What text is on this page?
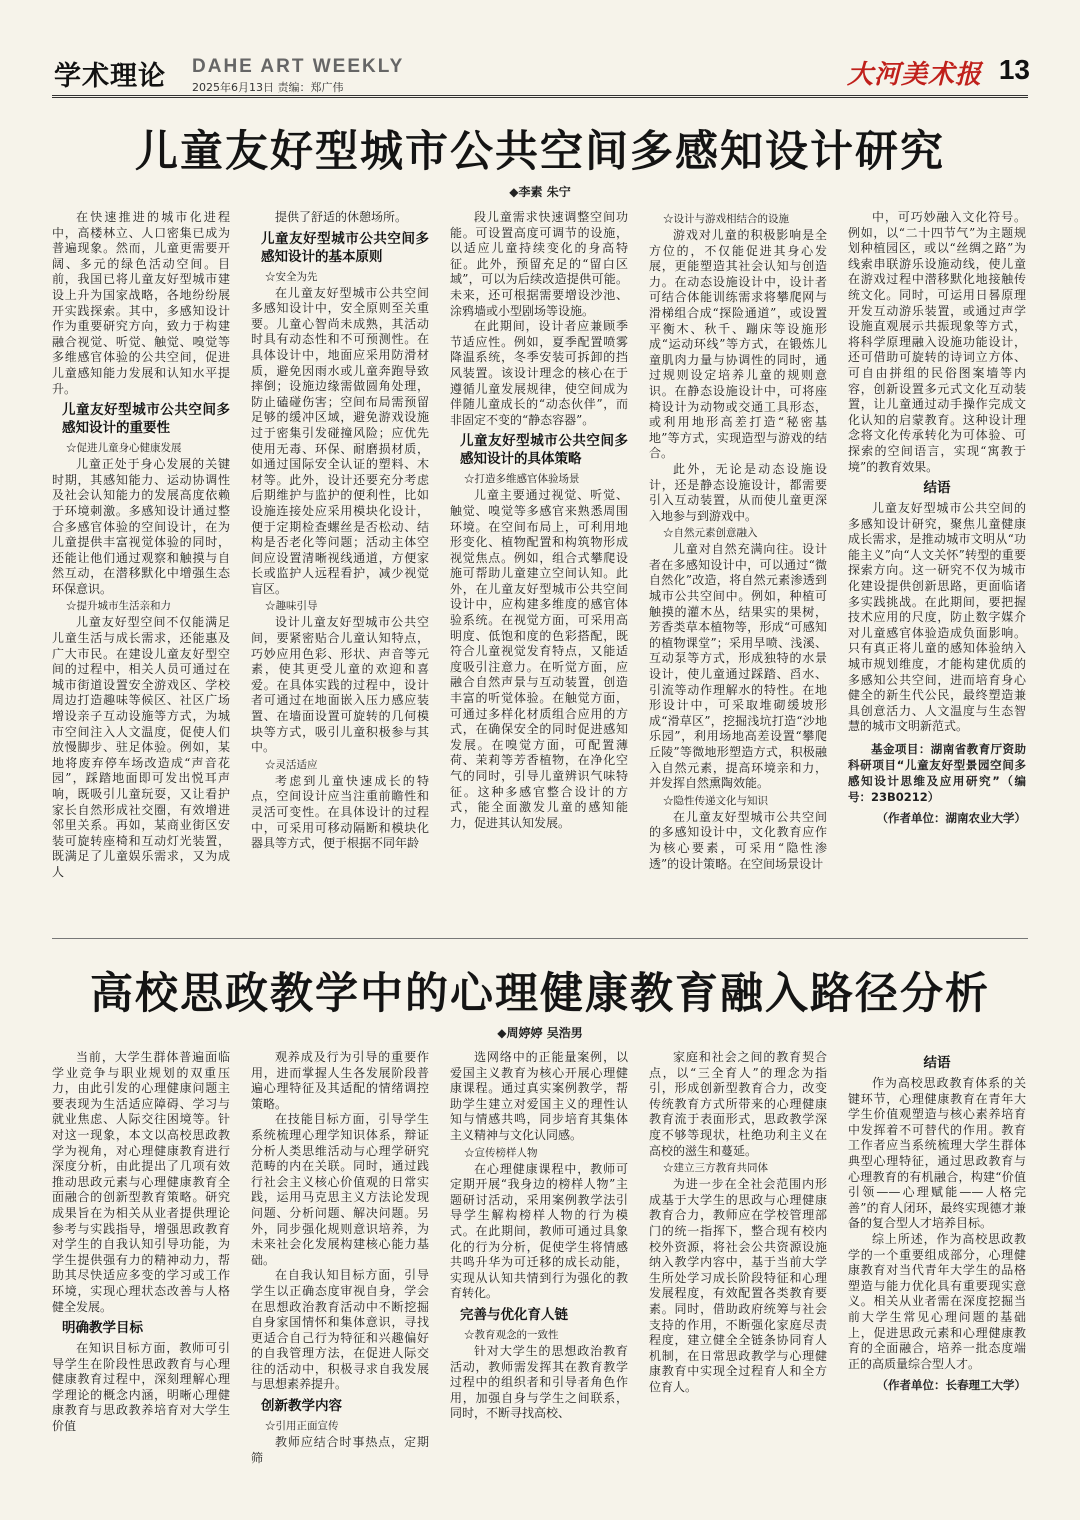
学术理论 DAHE ART WEEKLY
2025年6月13日 责编：郑广伟	大河美术报 13
儿童友好型城市公共空间多感知设计研究
◆李素 朱宁
在快速推进的城市化进程中，高楼林立、人口密集已成为普遍现象。然而，儿童更需要开阔、多元的绿色活动空间。目前，我国已将儿童友好型城市建设上升为国家战略，各地纷纷展开实践探索。其中，多感知设计作为重要研究方向，致力于构建融合视觉、听觉、触觉、嗅觉等多维感官体验的公共空间，促进儿童感知能力发展和认知水平提升。
儿童友好型城市公共空间多感知设计的重要性
☆促进儿童身心健康发展
儿童正处于身心发展的关键时期，其感知能力、运动协调性及社会认知能力的发展高度依赖于环境刺激。多感知设计通过整合多感官体验的空间设计，在为儿童提供丰富视觉体验的同时，还能让他们通过观察和触摸与自然互动，在潜移默化中增强生态环保意识。
☆提升城市生活亲和力
儿童友好型空间不仅能满足儿童生活与成长需求，还能惠及广大市民。在建设儿童友好型空间的过程中，相关人员可通过在城市街道设置安全游戏区、学校周边打造趣味等候区、社区广场增设亲子互动设施等方式，为城市空间注入人文温度，促使人们放慢脚步、驻足体验。例如，某地将废弃停车场改造成“声音花园”，踩踏地面即可发出悦耳声响，既吸引儿童玩耍，又让看护家长自然形成社交圈，有效增进邻里关系。再如，某商业街区安装可旋转座椅和互动灯光装置，既满足了儿童娱乐需求，又为成人
提供了舒适的休憩场所。
儿童友好型城市公共空间多感知设计的基本原则
☆安全为先
在儿童友好型城市公共空间多感知设计中，安全原则至关重要。儿童心智尚未成熟，其活动时具有动态性和不可预测性。在具体设计中，地面应采用防滑材质，避免因雨水或儿童奔跑导致摔倒；设施边缘需做圆角处理，防止磕碰伤害；空间布局需预留足够的缓冲区域，避免游戏设施过于密集引发碰撞风险；应优先使用无毒、环保、耐磨损材质，如通过国际安全认证的塑料、木材等。此外，设计还要充分考虑后期维护与监护的便利性，比如设施连接处应采用模块化设计，便于定期检查螺丝是否松动、结构是否老化等问题；活动主体空间应设置清晰视线通道，方便家长或监护人远程看护，减少视觉盲区。
☆趣味引导
设计儿童友好型城市公共空间，要紧密贴合儿童认知特点，巧妙应用色彩、形状、声音等元素，使其更受儿童的欢迎和喜爱。在具体实践的过程中，设计者可通过在地面嵌入压力感应装置、在墙面设置可旋转的几何模块等方式，吸引儿童积极参与其中。
☆灵活适应
考虑到儿童快速成长的特点，空间设计应当注重前瞻性和灵活可变性。在具体设计的过程中，可采用可移动隔断和模块化器具等方式，便于根据不同年龄
段儿童需求快速调整空间功能。可设置高度可调节的设施，以适应儿童持续变化的身高特征。此外，预留充足的“留白区域”，可以为后续改造提供可能。未来，还可根据需要增设沙池、涂鸦墙或小型剧场等设施。
在此期间，设计者应兼顾季节适应性。例如，夏季配置喷雾降温系统，冬季安装可拆卸的挡风装置。该设计理念的核心在于遵循儿童发展规律，使空间成为伴随儿童成长的“动态伙伴”，而非固定不变的“静态容器”。
儿童友好型城市公共空间多感知设计的具体策略
☆打造多维感官体验场景
儿童主要通过视觉、听觉、触觉、嗅觉等多感官来熟悉周围环境。在空间布局上，可利用地形变化、植物配置和构筑物形成视觉焦点。例如，组合式攀爬设施可帮助儿童建立空间认知。此外，在儿童友好型城市公共空间设计中，应构建多维度的感官体验系统。在视觉方面，可采用高明度、低饱和度的色彩搭配，既符合儿童视觉发育特点，又能适度吸引注意力。在听觉方面，应融合自然声景与互动装置，创造丰富的听觉体验。在触觉方面，可通过多样化材质组合应用的方式，在确保安全的同时促进感知发展。在嗅觉方面，可配置薄荷、茉莉等芳香植物，在净化空气的同时，引导儿童辨识气味特征。这种多感官整合设计的方式，能全面激发儿童的感知能力，促进其认知发展。
☆设计与游戏相结合的设施
游戏对儿童的积极影响是全方位的，不仅能促进其身心发展，更能塑造其社会认知与创造力。在动态设施设计中，设计者可结合体能训练需求将攀爬网与滑梯组合成“探险通道”，或设置平衡木、秋千、蹦床等设施形成“运动环线”等方式，在锻炼儿童肌肉力量与协调性的同时，通过规则设定培养儿童的规则意识。在静态设施设计中，可将座椅设计为动物或交通工具形态，或利用地形高差打造“秘密基地”等方式，实现造型与游戏的结合。
此外，无论是动态设施设计，还是静态设施设计，都需要引入互动装置，从而使儿童更深入地参与到游戏中。
☆自然元素创意融入
儿童对自然充满向往。设计者在多感知设计中，可以通过“微自然化”改造，将自然元素渗透到城市公共空间中。例如，种植可触摸的灌木丛，结果实的果树，芳香类草本植物等，形成“可感知的植物课堂”；采用旱喷、浅溪、互动泵等方式，形成独特的水景设计，使儿童通过踩踏、舀水、引流等动作理解水的特性。在地形设计中，可采取堆砌缓坡形成“滑草区”，挖掘浅坑打造“沙地乐园”，利用场地高差设置“攀爬丘陵”等微地形塑造方式，积极融入自然元素，提高环境亲和力，并发挥自然熏陶效能。
☆隐性传递文化与知识
在儿童友好型城市公共空间的多感知设计中，文化教育应作为核心要素，可采用“隐性渗透”的设计策略。在空间场景设计
中，可巧妙融入文化符号。例如，以“二十四节气”为主题规划种植园区，或以“丝绸之路”为线索串联游乐设施动线，使儿童在游戏过程中潜移默化地接触传统文化。同时，可运用日晷原理开发互动游乐装置，或通过声学设施直观展示共振现象等方式，将科学原理融入设施功能设计，还可借助可旋转的诗词立方体、可自由拼组的民俗图案墙等内容，创新设置多元式文化互动装置，让儿童通过动手操作完成文化认知的启蒙教育。这种设计理念将文化传承转化为可体验、可探索的空间语言，实现“寓教于境”的教育效果。
结语
儿童友好型城市公共空间的多感知设计研究，聚焦儿童健康成长需求，是推动城市文明从“功能主义”向“人文关怀”转型的重要探索方向。这一研究不仅为城市化建设提供创新思路，更面临诸多实践挑战。在此期间，要把握技术应用的尺度，防止数字媒介对儿童感官体验造成负面影响。只有真正将儿童的感知体验纳入城市规划维度，才能构建优质的多感知公共空间，进而培育身心健全的新生代公民，最终塑造兼具创意活力、人文温度与生态智慧的城市文明新范式。
基金项目：湖南省教育厅资助科研项目“儿童友好型景园空间多感知设计思维及应用研究”（编号：23B0212）
（作者单位：湖南农业大学）
高校思政教学中的心理健康教育融入路径分析
◆周婷婷 吴浩男
当前，大学生群体普遍面临学业竞争与职业规划的双重压力，由此引发的心理健康问题主要表现为生活适应障碍、学习与就业焦虑、人际交往困境等。针对这一现象，本文以高校思政教学为视角，对心理健康教育进行深度分析，由此提出了几项有效推动思政元素与心理健康教育全面融合的创新型教育策略。研究成果旨在为相关从业者提供理论参考与实践指导，增强思政教育对学生的自我认知引导功能，为学生提供强有力的精神动力，帮助其尽快适应多变的学习或工作环境，实现心理状态改善与人格健全发展。
明确教学目标
在知识目标方面，教师可引导学生在阶段性思政教育与心理健康教育过程中，深刻理解心理学理论的概念内涵，明晰心理健康教育与思政教养培育对大学生价值
观养成及行为引导的重要作用，进而掌握人生各发展阶段普遍心理特征及其适配的情绪调控策略。
在技能目标方面，引导学生系统梳理心理学知识体系，辩证分析人类思维活动与心理学研究范畴的内在关联。同时，通过践行社会主义核心价值观的日常实践，运用马克思主义方法论发现问题、分析问题、解决问题。另外，同步强化规则意识培养，为未来社会化发展构建核心能力基础。
在自我认知目标方面，引导学生以正确态度审视自身，学会在思想政治教育活动中不断挖掘自身家国情怀和集体意识，寻找更适合自己行为特征和兴趣偏好的自我管理方法，在促进人际交往的活动中，积极寻求自我发展与思想素养提升。
创新教学内容
☆引用正面宣传
教师应结合时事热点，定期筛
选网络中的正能量案例，以爱国主义教育为核心开展心理健康课程。通过真实案例教学，帮助学生建立对爱国主义的理性认知与情感共鸣，同步培育其集体主义精神与文化认同感。
☆宣传榜样人物
在心理健康课程中，教师可定期开展“我身边的榜样人物”主题研讨活动，采用案例教学法引导学生解构榜样人物的行为模式。在此期间，教师可通过具象化的行为分析，促使学生将情感共鸣升华为可迁移的成长动能，实现从认知共情到行为强化的教育转化。
完善与优化育人链
☆教育观念的一致性
针对大学生的思想政治教育活动，教师需发挥其在教育教学过程中的组织者和引导者角色作用，加强自身与学生之间联系，同时，不断寻找高校、
家庭和社会之间的教育契合点，以“三全育人”的理念为指引，形成创新型教育合力，改变传统教育方式所带来的心理健康教育流于表面形式，思政教学深度不够等现状，杜绝功利主义在高校的滋生和蔓延。
☆建立三方教育共同体
为进一步在全社会范围内形成基于大学生的思政与心理健康教育合力，教师应在学校管理部门的统一指挥下，整合现有校内校外资源，将社会公共资源设施纳入教学内容中，基于当前大学生所处学习成长阶段特征和心理发展程度，有效配置各类教育要素。同时，借助政府统筹与社会支持的作用，不断强化家庭尽责程度，建立健全全链条协同育人机制，在日常思政教学与心理健康教育中实现全过程育人和全方位育人。
结语
作为高校思政教育体系的关键环节，心理健康教育在青年大学生价值观塑造与核心素养培育中发挥着不可替代的作用。教育工作者应当系统梳理大学生群体典型心理特征，通过思政教育与心理教育的有机融合，构建“价值引领——心理赋能——人格完善”的育人闭环，最终实现德才兼备的复合型人才培养目标。
综上所述，作为高校思政教学的一个重要组成部分，心理健康教育对当代青年大学生的品格塑造与能力优化具有重要现实意义。相关从业者需在深度挖掘当前大学生常见心理问题的基础上，促进思政元素和心理健康教育的全面融合，培养一批态度端正的高质量综合型人才。
（作者单位：长春理工大学）
